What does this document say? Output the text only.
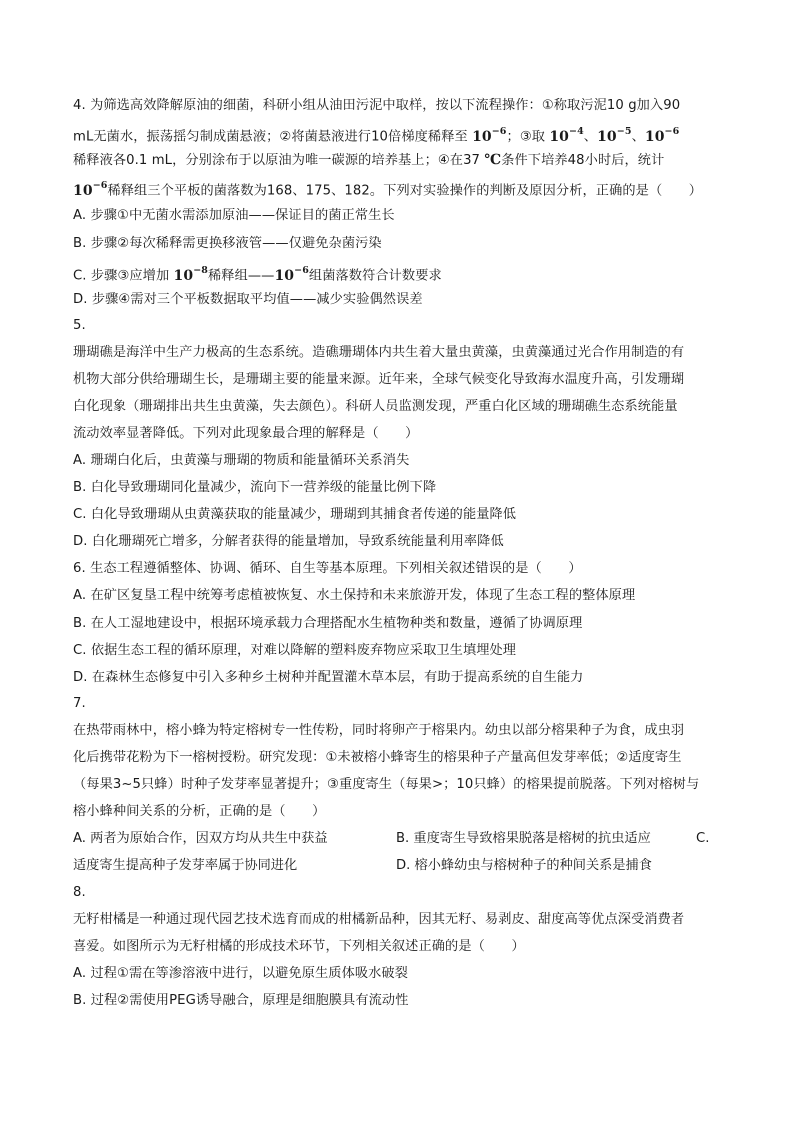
4. 为筛选高效降解原油的细菌，科研小组从油田污泥中取样，按以下流程操作：①称取污泥10 g加入90
mL无菌水，振荡摇匀制成菌悬液；②将菌悬液进行10倍梯度稀释至 $10^{-6}$；③取 $10^{-4}$、$10^{-5}$、$10^{-6}$
稀释液各0.1 mL，分别涂布于以原油为唯一碳源的培养基上；④在37 ℃条件下培养48小时后，统计
$10^{-6}$稀释组三个平板的菌落数为168、175、182。下列对实验操作的判断及原因分析，正确的是（　　）
A. 步骤①中无菌水需添加原油——保证目的菌正常生长
B. 步骤②每次稀释需更换移液管——仅避免杂菌污染
C. 步骤③应增加 $10^{-8}$稀释组$——10^{-6}$组菌落数符合计数要求
D. 步骤④需对三个平板数据取平均值——减少实验偶然误差
5.
珊瑚礁是海洋中生产力极高的生态系统。造礁珊瑚体内共生着大量虫黄藻，虫黄藻通过光合作用制造的有
机物大部分供给珊瑚生长，是珊瑚主要的能量来源。近年来，全球气候变化导致海水温度升高，引发珊瑚
白化现象（珊瑚排出共生虫黄藻，失去颜色）。科研人员监测发现，严重白化区域的珊瑚礁生态系统能量
流动效率显著降低。下列对此现象最合理的解释是（　　）
A. 珊瑚白化后，虫黄藻与珊瑚的物质和能量循环关系消失
B. 白化导致珊瑚同化量减少，流向下一营养级的能量比例下降
C. 白化导致珊瑚从虫黄藻获取的能量减少，珊瑚到其捕食者传递的能量降低
D. 白化珊瑚死亡增多，分解者获得的能量增加，导致系统能量利用率降低
6. 生态工程遵循整体、协调、循环、自生等基本原理。下列相关叙述错误的是（　　）
A. 在矿区复垦工程中统筹考虑植被恢复、水土保持和未来旅游开发，体现了生态工程的整体原理
B. 在人工湿地建设中，根据环境承载力合理搭配水生植物种类和数量，遵循了协调原理
C. 依据生态工程的循环原理，对难以降解的塑料废弃物应采取卫生填埋处理
D. 在森林生态修复中引入多种乡土树种并配置灌木草本层，有助于提高系统的自生能力
7.
在热带雨林中，榕小蜂为特定榕树专一性传粉，同时将卵产于榕果内。幼虫以部分榕果种子为食，成虫羽
化后携带花粉为下一榕树授粉。研究发现：①未被榕小蜂寄生的榕果种子产量高但发芽率低；②适度寄生
（每果3~5只蜂）时种子发芽率显著提升；③重度寄生（每果>；10只蜂）的榕果提前脱落。下列对榕树与
榕小蜂种间关系的分析，正确的是（　　）
A. 两者为原始合作，因双方均从共生中获益	B. 重度寄生导致榕果脱落是榕树的抗虫适应	C.
适度寄生提高种子发芽率属于协同进化	D. 榕小蜂幼虫与榕树种子的种间关系是捕食
8.
无籽柑橘是一种通过现代园艺技术选育而成的柑橘新品种，因其无籽、易剥皮、甜度高等优点深受消费者
喜爱。如图所示为无籽柑橘的形成技术环节，下列相关叙述正确的是（　　）
A. 过程①需在等渗溶液中进行，以避免原生质体吸水破裂
B. 过程②需使用PEG诱导融合，原理是细胞膜具有流动性
